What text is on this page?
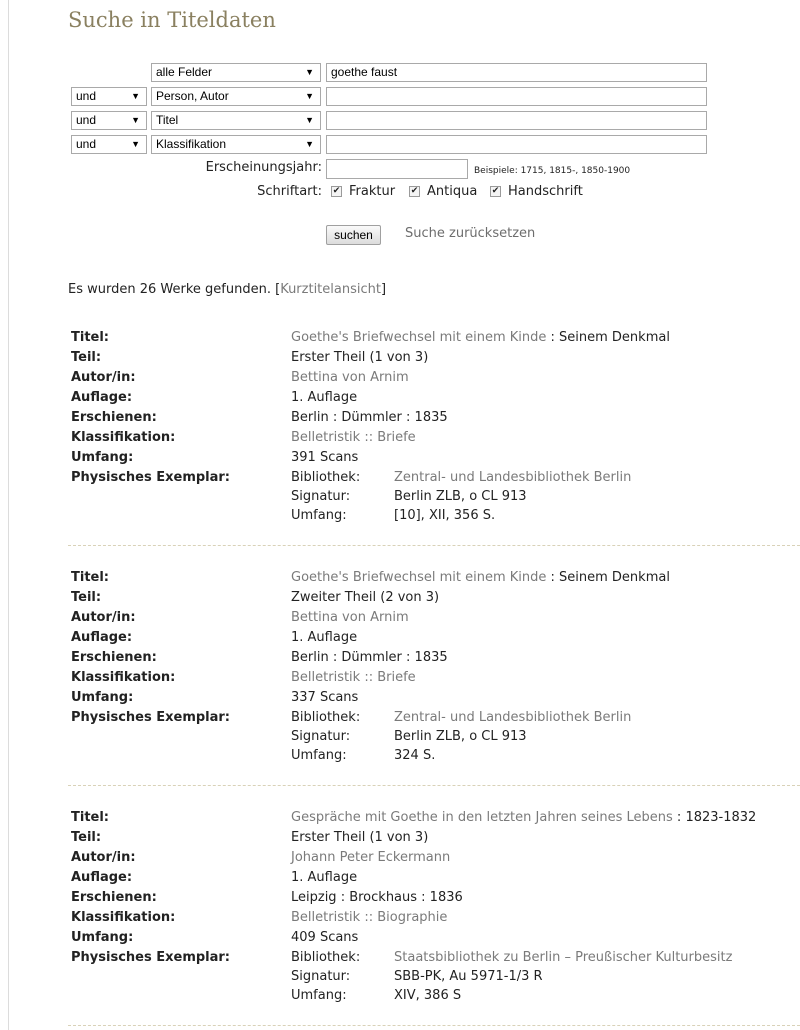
Suche in Titeldaten
alle Felder	▼	goethe faust
und	▼	Person, Autor	▼
und	▼	Titel	▼
und	▼	Klassifikation	▼
Erscheinungsjahr:	Beispiele: 1715, 1815-, 1850-1900
Schriftart: ✔ Fraktur ✔ Antiqua ✔ Handschrift
suchen	Suche zurücksetzen
Es wurden 26 Werke gefunden. [Kurztitelansicht]
Titel:	Goethe's Briefwechsel mit einem Kinde : Seinem Denkmal
Teil:	Erster Theil (1 von 3)
Autor/in:	Bettina von Arnim
Auflage:	1. Auflage
Erschienen:	Berlin : Dümmler : 1835
Klassifikation:	Belletristik :: Briefe
Umfang:	391 Scans
Physisches Exemplar:	Bibliothek:	Zentral- und Landesbibliothek Berlin
Signatur:	Berlin ZLB, o CL 913
Umfang:	[10], XII, 356 S.
Titel:	Goethe's Briefwechsel mit einem Kinde : Seinem Denkmal
Teil:	Zweiter Theil (2 von 3)
Autor/in:	Bettina von Arnim
Auflage:	1. Auflage
Erschienen:	Berlin : Dümmler : 1835
Klassifikation:	Belletristik :: Briefe
Umfang:	337 Scans
Physisches Exemplar:	Bibliothek:	Zentral- und Landesbibliothek Berlin
Signatur:	Berlin ZLB, o CL 913
Umfang:	324 S.
Titel:	Gespräche mit Goethe in den letzten Jahren seines Lebens : 1823-1832
Teil:	Erster Theil (1 von 3)
Autor/in:	Johann Peter Eckermann
Auflage:	1. Auflage
Erschienen:	Leipzig : Brockhaus : 1836
Klassifikation:	Belletristik :: Biographie
Umfang:	409 Scans
Physisches Exemplar:	Bibliothek:	Staatsbibliothek zu Berlin – Preußischer Kulturbesitz
Signatur:	SBB-PK, Au 5971-1/3 R
Umfang:	XIV, 386 S
